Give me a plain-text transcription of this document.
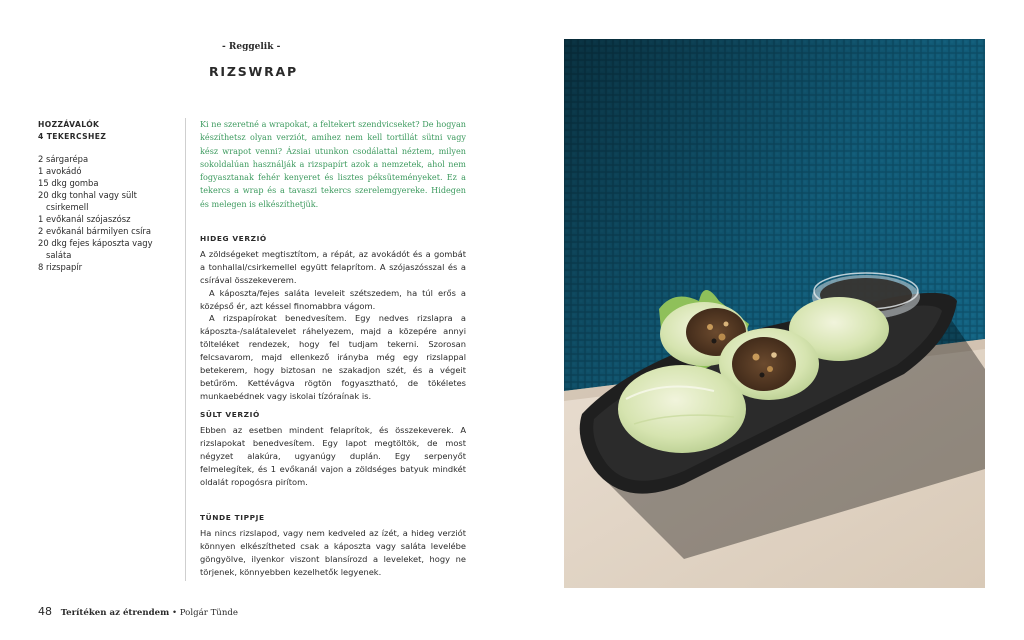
- Reggelik -
RIZSWRAP
HOZZÁVALÓK
4 TEKERCSHEZ
2 sárgarépa
1 avokádó
15 dkg gomba
20 dkg tonhal vagy sült csirkemell
1 evőkanál szójaszósz
2 evőkanál bármilyen csíra
20 dkg fejes káposzta vagy saláta
8 rizspapír

Ki ne szeretné a wrapokat, a feltekert szendvicseket? De hogyan készíthetsz olyan verziót, amihez nem kell tortillát sütni vagy kész wrapot venni? Ázsiai utunkon csodálattal néztem, milyen sokoldalúan használják a rizspapírt azok a nemzetek, ahol nem fogyasztanak fehér kenyeret és lisztes péksüteményeket. Ez a tekercs a wrap és a tavaszi tekercs szerelemgyereke. Hidegen és melegen is elkészíthetjük.

HIDEG VERZIÓ

A zöldségeket megtisztítom, a répát, az avokádót és a gombát a tonhallal/csirkemellel együtt felaprítom. A szójaszósszal és a csírával összekeverem.

A káposzta/fejes saláta leveleit szétszedem, ha túl erős a középső ér, azt késsel finomabbra vágom.

A rizspapírokat benedvesítem. Egy nedves rizslapra a káposzta-/salátalevelet ráhelyezem, majd a közepére annyi tölteléket rendezek, hogy fel tudjam tekerni. Szorosan felcsavarom, majd ellenkező irányba még egy rizslappal betekerem, hogy biztosan ne szakadjon szét, és a végeit betűröm. Kettévágva rögtön fogyasztható, de tökéletes munkaebédnek vagy iskolai tízóraínak is.

SÜLT VERZIÓ

Ebben az esetben mindent felaprítok, és összekeverek. A rizslapokat benedvesítem. Egy lapot megtöltök, de most négyzet alakúra, ugyanúgy duplán. Egy serpenyőt felmelegítek, és 1 evőkanál vajon a zöldséges batyuk mindkét oldalát ropogósra pirítom.

TÜNDE TIPPJE

Ha nincs rizslapod, vagy nem kedveled az ízét, a hideg verziót könnyen elkészítheted csak a káposzta vagy saláta levelébe göngyölve, ilyenkor viszont blansírozd a leveleket, hogy ne törjenek, könnyebben kezelhetők legyenek.

48 Terítéken az étrendem • Polgár Tünde
